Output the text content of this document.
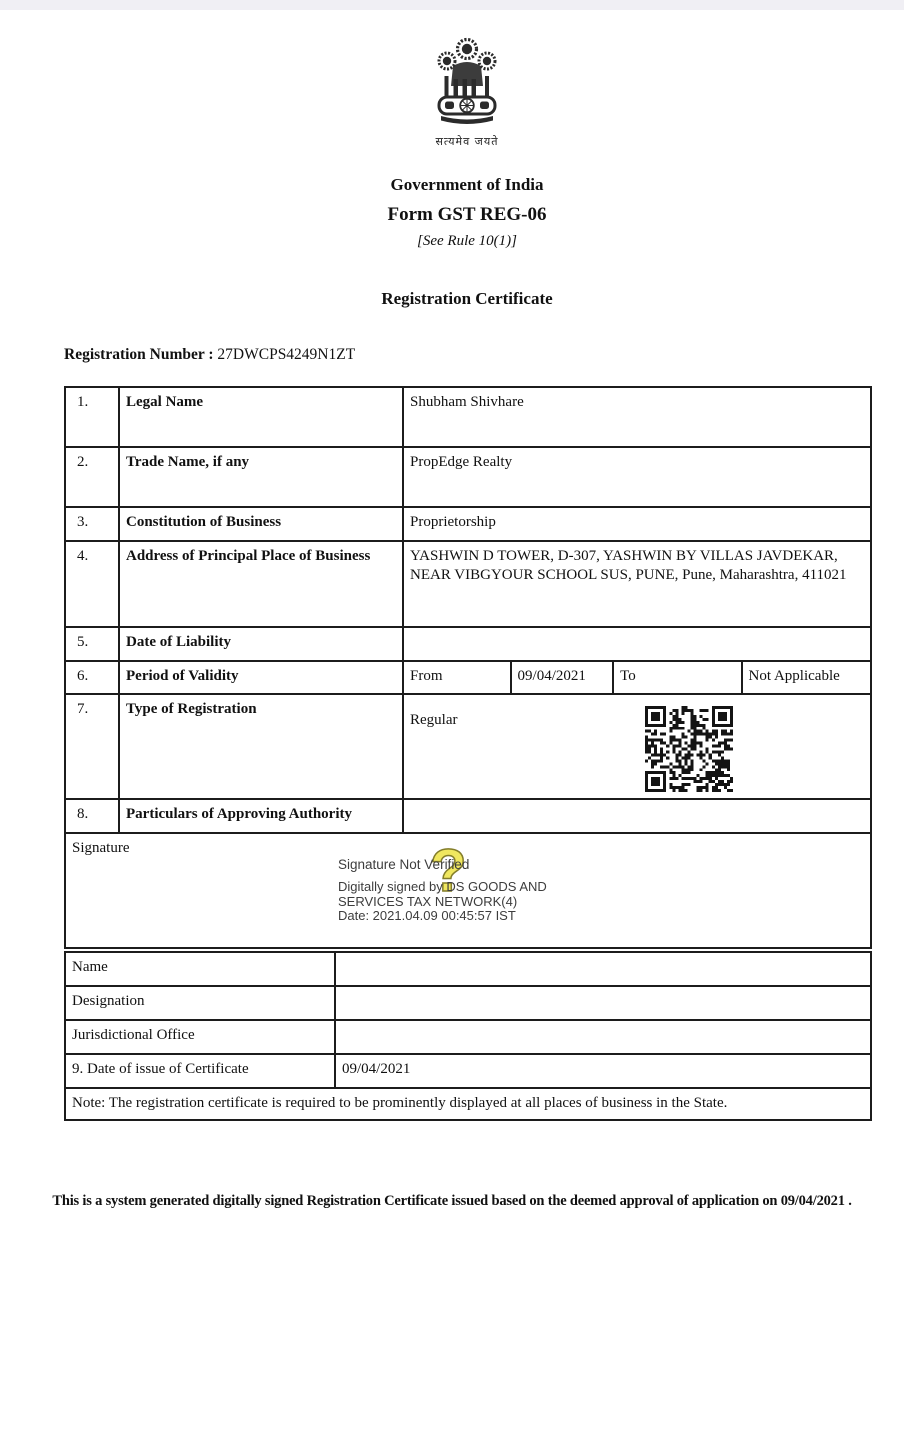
सत्यमेव जयते
Government of India
Form GST REG-06
[See Rule 10(1)]
Registration Certificate
Registration Number : 27DWCPS4249N1ZT
1.	Legal Name	Shubham Shivhare
2.	Trade Name, if any	PropEdge Realty
3.	Constitution of Business	Proprietorship
4.	Address of Principal Place of Business	YASHWIN D TOWER, D-307, YASHWIN BY VILLAS JAVDEKAR, NEAR VIBGYOUR SCHOOL SUS, PUNE, Pune, Maharashtra, 411021
5.	Date of Liability	
6.	Period of Validity	From 09/04/2021 To Not Applicable

7.	Type of Registration	Regular

8.	Particulars of Approving Authority	
Signature	?
Signature Not Verified
Digitally signed by DS GOODS AND
SERVICES TAX NETWORK(4)
Date: 2021.04.09 00:45:57 IST
Name	
Designation	
Jurisdictional Office	
9. Date of issue of Certificate	09/04/2021
Note: The registration certificate is required to be prominently displayed at all places of business in the State.	
This is a system generated digitally signed Registration Certificate issued based on the deemed approval of application on 09/04/2021 .
